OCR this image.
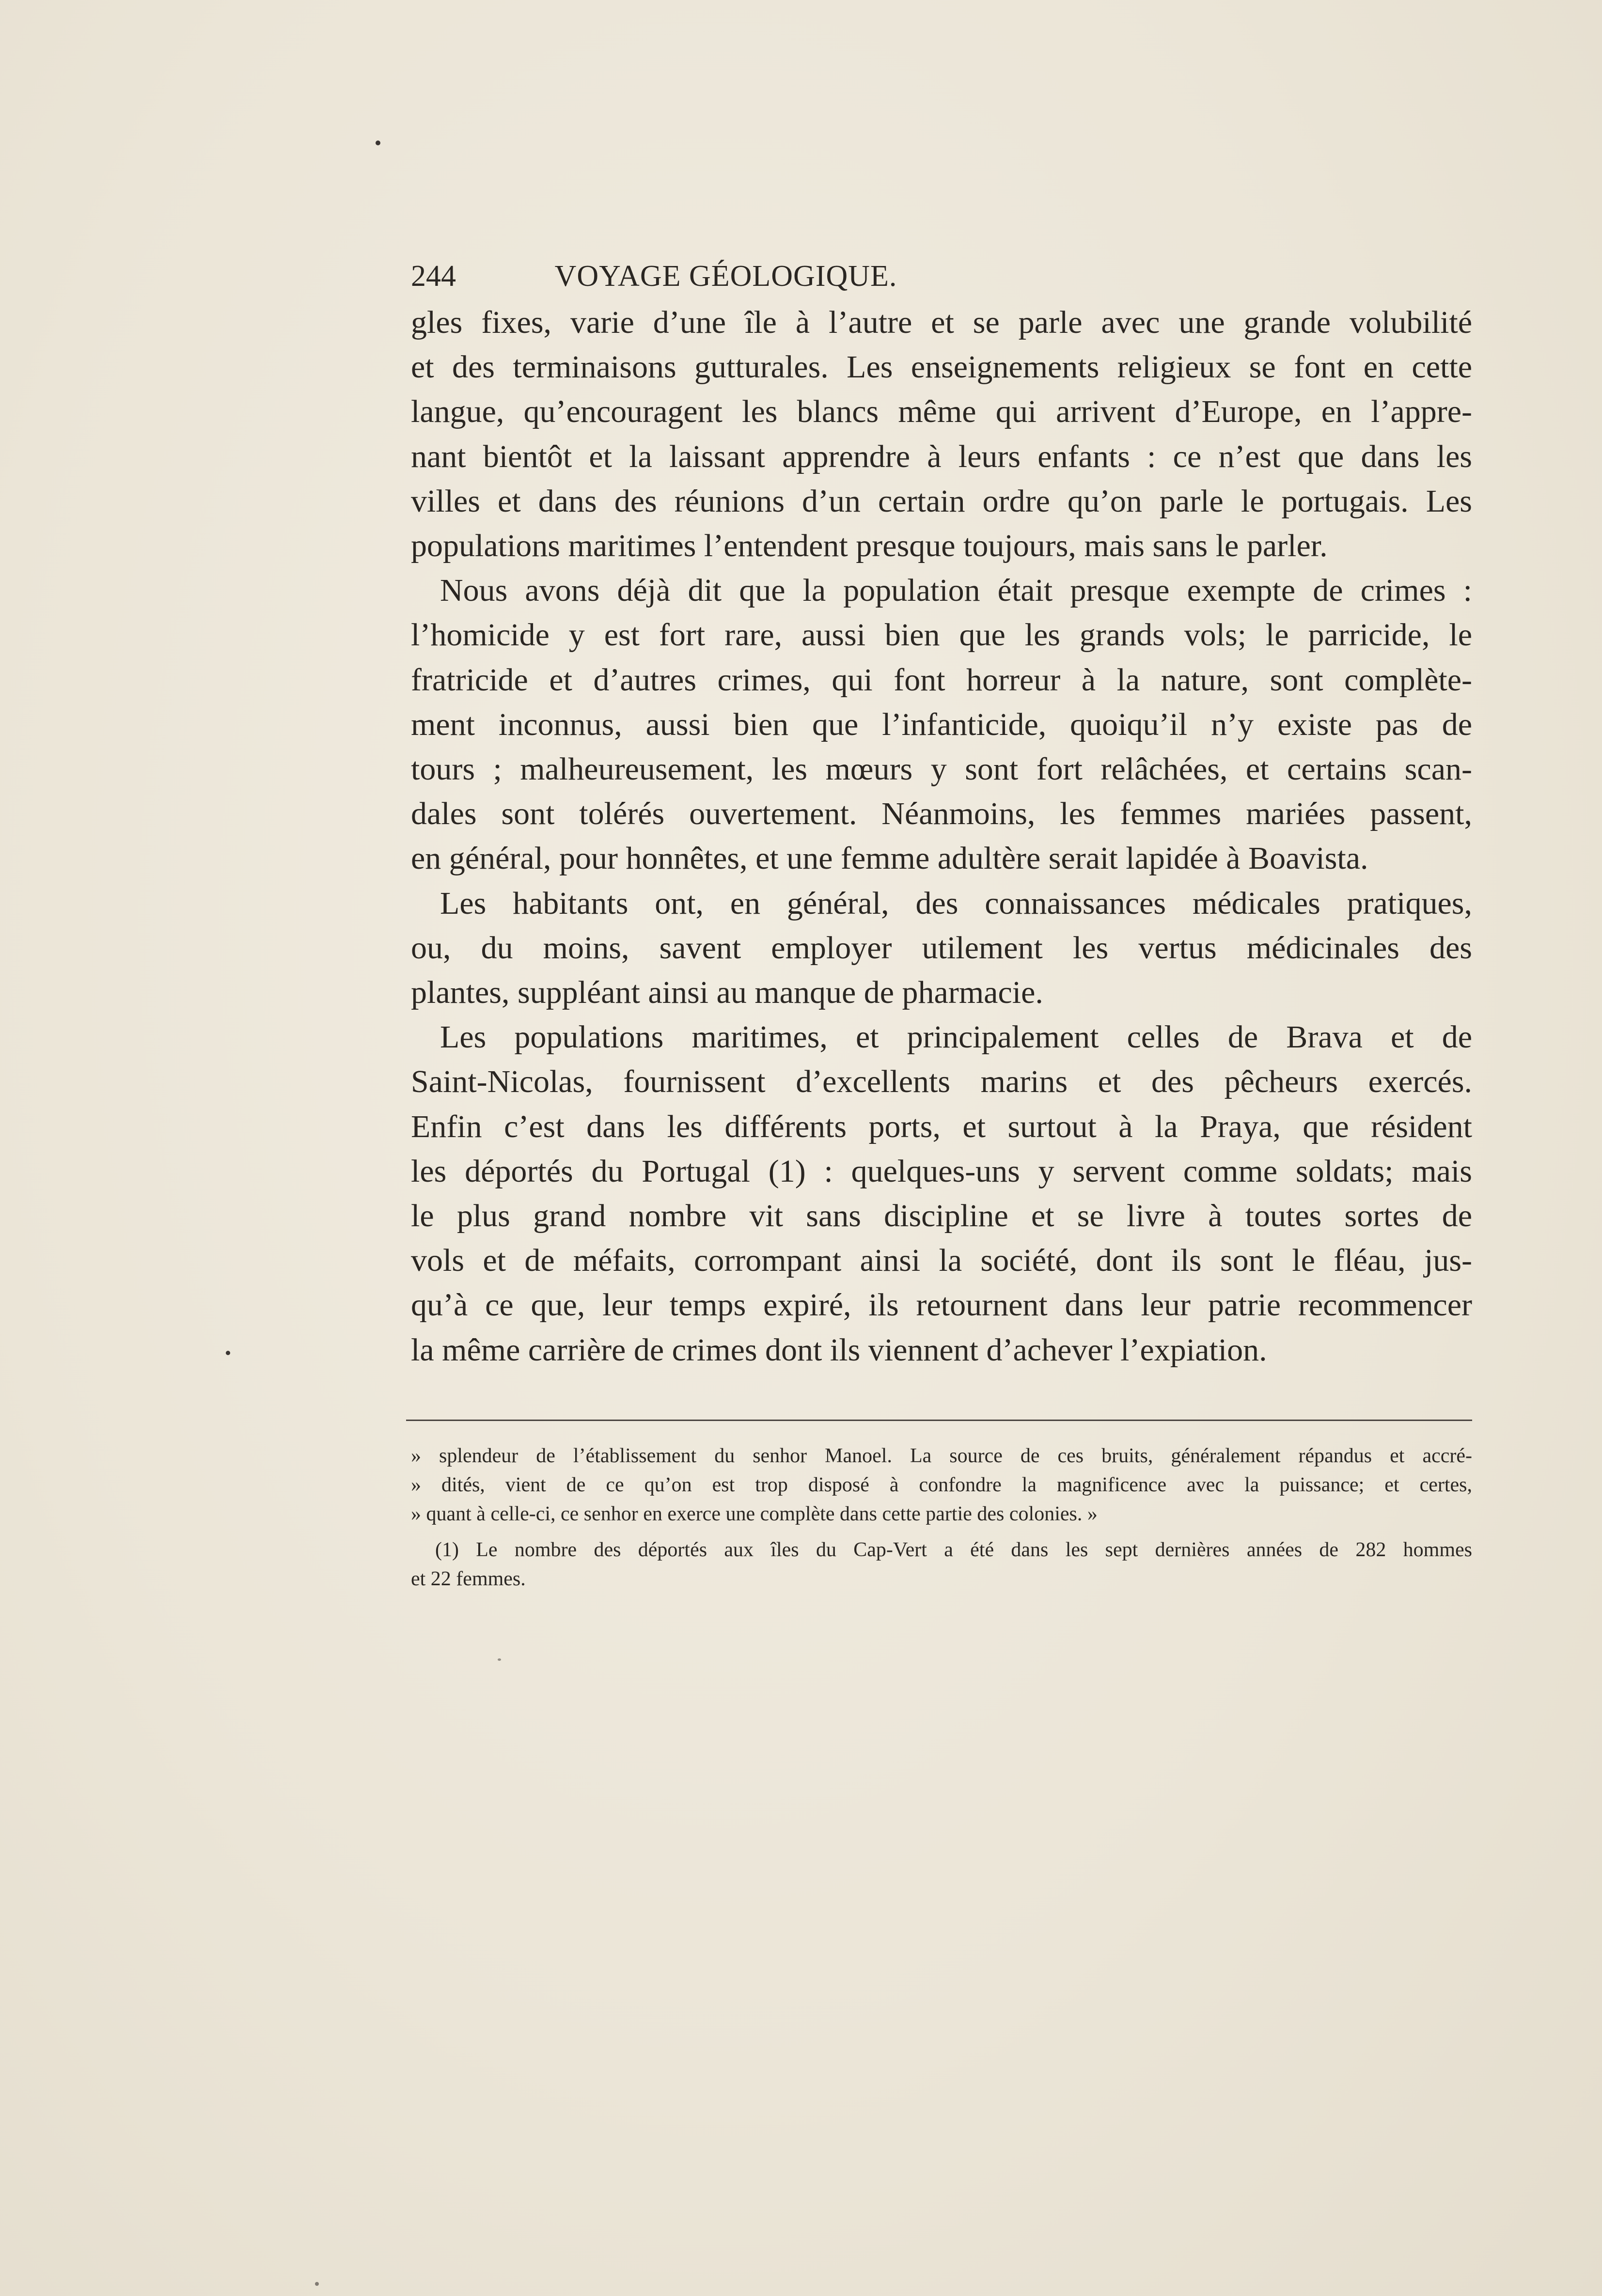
244	VOYAGE GÉOLOGIQUE.

gles fixes, varie d’une île à l’autre et se parle avec une grande volubilité
et des terminaisons gutturales. Les enseignements religieux se font en cette
langue, qu’encouragent les blancs même qui arrivent d’Europe, en l’appre-
nant bientôt et la laissant apprendre à leurs enfants : ce n’est que dans les
villes et dans des réunions d’un certain ordre qu’on parle le portugais. Les
populations maritimes l’entendent presque toujours, mais sans le parler.

Nous avons déjà dit que la population était presque exempte de crimes :
l’homicide y est fort rare, aussi bien que les grands vols; le parricide, le
fratricide et d’autres crimes, qui font horreur à la nature, sont complète-
ment inconnus, aussi bien que l’infanticide, quoiqu’il n’y existe pas de
tours ; malheureusement, les mœurs y sont fort relâchées, et certains scan-
dales sont tolérés ouvertement. Néanmoins, les femmes mariées passent,
en général, pour honnêtes, et une femme adultère serait lapidée à Boavista.

Les habitants ont, en général, des connaissances médicales pratiques,
ou, du moins, savent employer utilement les vertus médicinales des
plantes, suppléant ainsi au manque de pharmacie.

Les populations maritimes, et principalement celles de Brava et de
Saint-Nicolas, fournissent d’excellents marins et des pêcheurs exercés.
Enfin c’est dans les différents ports, et surtout à la Praya, que résident
les déportés du Portugal (1) : quelques-uns y servent comme soldats; mais
le plus grand nombre vit sans discipline et se livre à toutes sortes de
vols et de méfaits, corrompant ainsi la société, dont ils sont le fléau, jus-
qu’à ce que, leur temps expiré, ils retournent dans leur patrie recommencer
la même carrière de crimes dont ils viennent d’achever l’expiation.

» splendeur de l’établissement du senhor Manoel. La source de ces bruits, généralement répandus et accré-
» dités, vient de ce qu’on est trop disposé à confondre la magnificence avec la puissance; et certes,
» quant à celle-ci, ce senhor en exerce une complète dans cette partie des colonies. »
(1) Le nombre des déportés aux îles du Cap-Vert a été dans les sept dernières années de 282 hommes
et 22 femmes.
